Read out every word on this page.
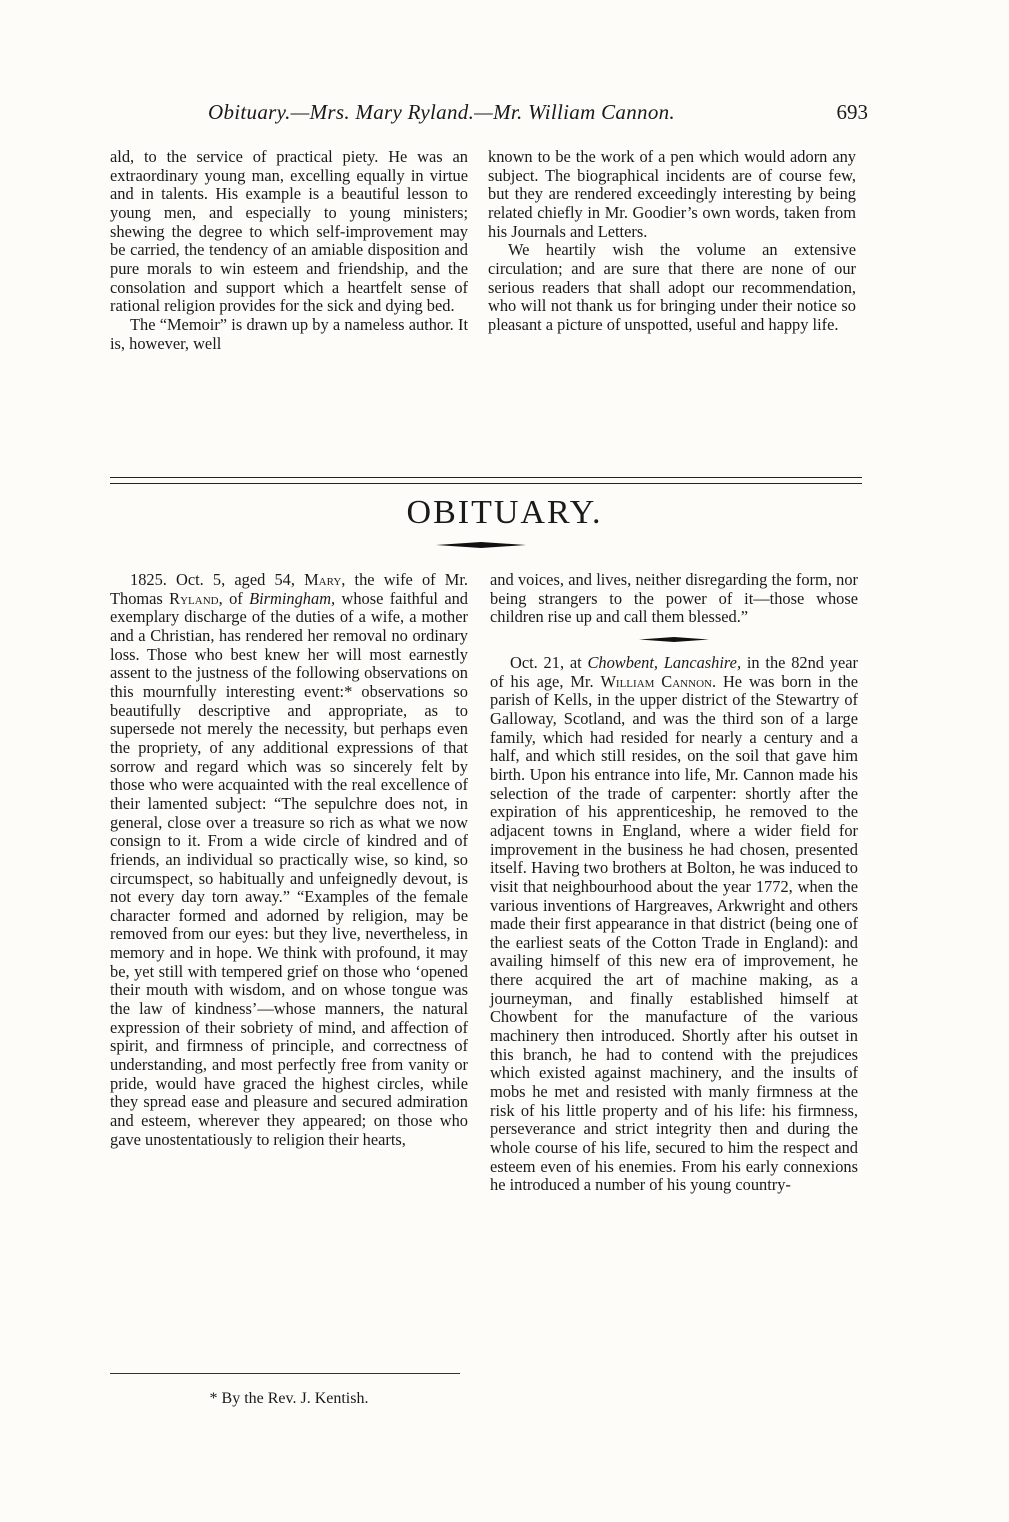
Obituary.—Mrs. Mary Ryland.—Mr. William Cannon.	693

ald, to the service of practical piety. He was an extraordinary young man, excelling equally in virtue and in talents. His example is a beautiful lesson to young men, and especially to young ministers; shewing the degree to which self-improvement may be carried, the tendency of an amiable disposition and pure morals to win esteem and friendship, and the consolation and support which a heartfelt sense of rational religion provides for the sick and dying bed.

The “Memoir” is drawn up by a nameless author. It is, however, well

known to be the work of a pen which would adorn any subject. The biographical incidents are of course few, but they are rendered exceedingly interesting by being related chiefly in Mr. Goodier’s own words, taken from his Journals and Letters.

We heartily wish the volume an extensive circulation; and are sure that there are none of our serious readers that shall adopt our recommendation, who will not thank us for bringing under their notice so pleasant a picture of unspotted, useful and happy life.

OBITUARY.

1825. Oct. 5, aged 54, Mary, the wife of Mr. Thomas Ryland, of Birmingham, whose faithful and exemplary discharge of the duties of a wife, a mother and a Christian, has rendered her removal no ordinary loss. Those who best knew her will most earnestly assent to the justness of the following observations on this mournfully interesting event:* observations so beautifully descriptive and appropriate, as to supersede not merely the necessity, but perhaps even the propriety, of any additional expressions of that sorrow and regard which was so sincerely felt by those who were acquainted with the real excellence of their lamented subject: “The sepulchre does not, in general, close over a treasure so rich as what we now consign to it. From a wide circle of kindred and of friends, an individual so practically wise, so kind, so circumspect, so habitually and unfeignedly devout, is not every day torn away.” “Examples of the female character formed and adorned by religion, may be removed from our eyes: but they live, nevertheless, in memory and in hope. We think with profound, it may be, yet still with tempered grief on those who ‘opened their mouth with wisdom, and on whose tongue was the law of kindness’—whose manners, the natural expression of their sobriety of mind, and affection of spirit, and firmness of principle, and correctness of understanding, and most perfectly free from vanity or pride, would have graced the highest circles, while they spread ease and pleasure and secured admiration and esteem, wherever they appeared; on those who gave unostentatiously to religion their hearts,

and voices, and lives, neither disregarding the form, nor being strangers to the power of it—those whose children rise up and call them blessed.”

Oct. 21, at Chowbent, Lancashire, in the 82nd year of his age, Mr. William Cannon. He was born in the parish of Kells, in the upper district of the Stewartry of Galloway, Scotland, and was the third son of a large family, which had resided for nearly a century and a half, and which still resides, on the soil that gave him birth. Upon his entrance into life, Mr. Cannon made his selection of the trade of carpenter: shortly after the expiration of his apprenticeship, he removed to the adjacent towns in England, where a wider field for improvement in the business he had chosen, presented itself. Having two brothers at Bolton, he was induced to visit that neighbourhood about the year 1772, when the various inventions of Hargreaves, Arkwright and others made their first appearance in that district (being one of the earliest seats of the Cotton Trade in England): and availing himself of this new era of improvement, he there acquired the art of machine making, as a journeyman, and finally established himself at Chowbent for the manufacture of the various machinery then introduced. Shortly after his outset in this branch, he had to contend with the prejudices which existed against machinery, and the insults of mobs he met and resisted with manly firmness at the risk of his little property and of his life: his firmness, perseverance and strict integrity then and during the whole course of his life, secured to him the respect and esteem even of his enemies. From his early connexions he introduced a number of his young country-

* By the Rev. J. Kentish.
